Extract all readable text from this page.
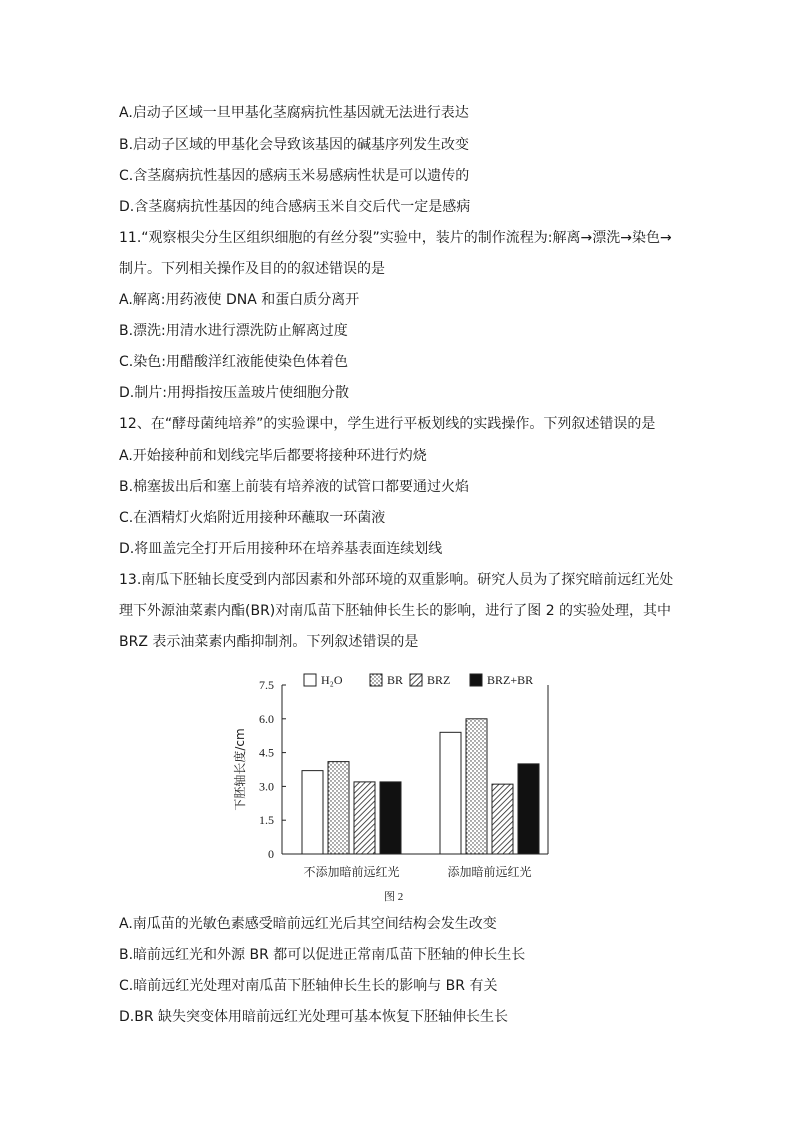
A.启动子区域一旦甲基化茎腐病抗性基因就无法进行表达
B.启动子区域的甲基化会导致该基因的碱基序列发生改变
C.含茎腐病抗性基因的感病玉米易感病性状是可以遗传的
D.含茎腐病抗性基因的纯合感病玉米自交后代一定是感病
11.“观察根尖分生区组织细胞的有丝分裂”实验中，装片的制作流程为:解离→漂洗→染色→
制片。下列相关操作及目的的叙述错误的是
A.解离:用药液使 DNA 和蛋白质分离开
B.漂洗:用清水进行漂洗防止解离过度
C.染色:用醋酸洋红液能使染色体着色
D.制片:用拇指按压盖玻片使细胞分散
12、在“酵母菌纯培养”的实验课中，学生进行平板划线的实践操作。下列叙述错误的是
A.开始接种前和划线完毕后都要将接种环进行灼烧
B.棉塞拔出后和塞上前装有培养液的试管口都要通过火焰
C.在酒精灯火焰附近用接种环蘸取一环菌液
D.将皿盖完全打开后用接种环在培养基表面连续划线
13.南瓜下胚轴长度受到内部因素和外部环境的双重影响。研究人员为了探究暗前远红光处
理下外源油菜素内酯(BR)对南瓜苗下胚轴伸长生长的影响，进行了图 2 的实验处理，其中
BRZ 表示油菜素内酯抑制剂。下列叙述错误的是
0
1.5
3.0
4.5
6.0
7.5
下胚轴长度/cm
不添加暗前远红光	添加暗前远红光
H₂O	BR BRZ	BRZ+BR
图 2
A.南瓜苗的光敏色素感受暗前远红光后其空间结构会发生改变
B.暗前远红光和外源 BR 都可以促进正常南瓜苗下胚轴的伸长生长
C.暗前远红光处理对南瓜苗下胚轴伸长生长的影响与 BR 有关
D.BR 缺失突变体用暗前远红光处理可基本恢复下胚轴伸长生长
